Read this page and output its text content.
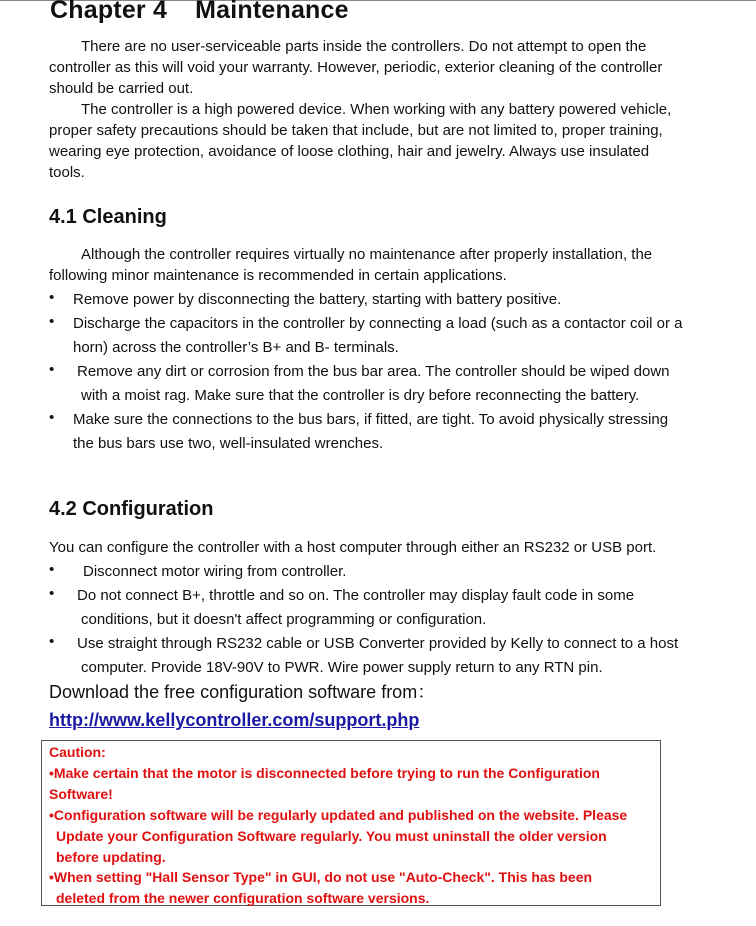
Chapter 4 Maintenance
There are no user-serviceable parts inside the controllers. Do not attempt to open the
controller as this will void your warranty. However, periodic, exterior cleaning of the controller
should be carried out.
The controller is a high powered device. When working with any battery powered vehicle,
proper safety precautions should be taken that include, but are not limited to, proper training,
wearing eye protection, avoidance of loose clothing, hair and jewelry. Always use insulated
tools.
4.1 Cleaning
Although the controller requires virtually no maintenance after properly installation, the
following minor maintenance is recommended in certain applications.
• Remove power by disconnecting the battery, starting with battery positive.
• Discharge the capacitors in the controller by connecting a load (such as a contactor coil or a
horn) across the controller’s B+ and B- terminals.
• Remove any dirt or corrosion from the bus bar area. The controller should be wiped down
with a moist rag. Make sure that the controller is dry before reconnecting the battery.
• Make sure the connections to the bus bars, if fitted, are tight. To avoid physically stressing
the bus bars use two, well-insulated wrenches.
4.2 Configuration
You can configure the controller with a host computer through either an RS232 or USB port.
• Disconnect motor wiring from controller.
• Do not connect B+, throttle and so on. The controller may display fault code in some
conditions, but it doesn't affect programming or configuration.
• Use straight through RS232 cable or USB Converter provided by Kelly to connect to a host
computer. Provide 18V-90V to PWR. Wire power supply return to any RTN pin.
Download the free configuration software from：
http://www.kellycontroller.com/support.php
Caution:
•Make certain that the motor is disconnected before trying to run the Configuration
Software!
•Configuration software will be regularly updated and published on the website. Please
Update your Configuration Software regularly. You must uninstall the older version
before updating.
•When setting "Hall Sensor Type" in GUI, do not use "Auto-Check". This has been
deleted from the newer configuration software versions.
